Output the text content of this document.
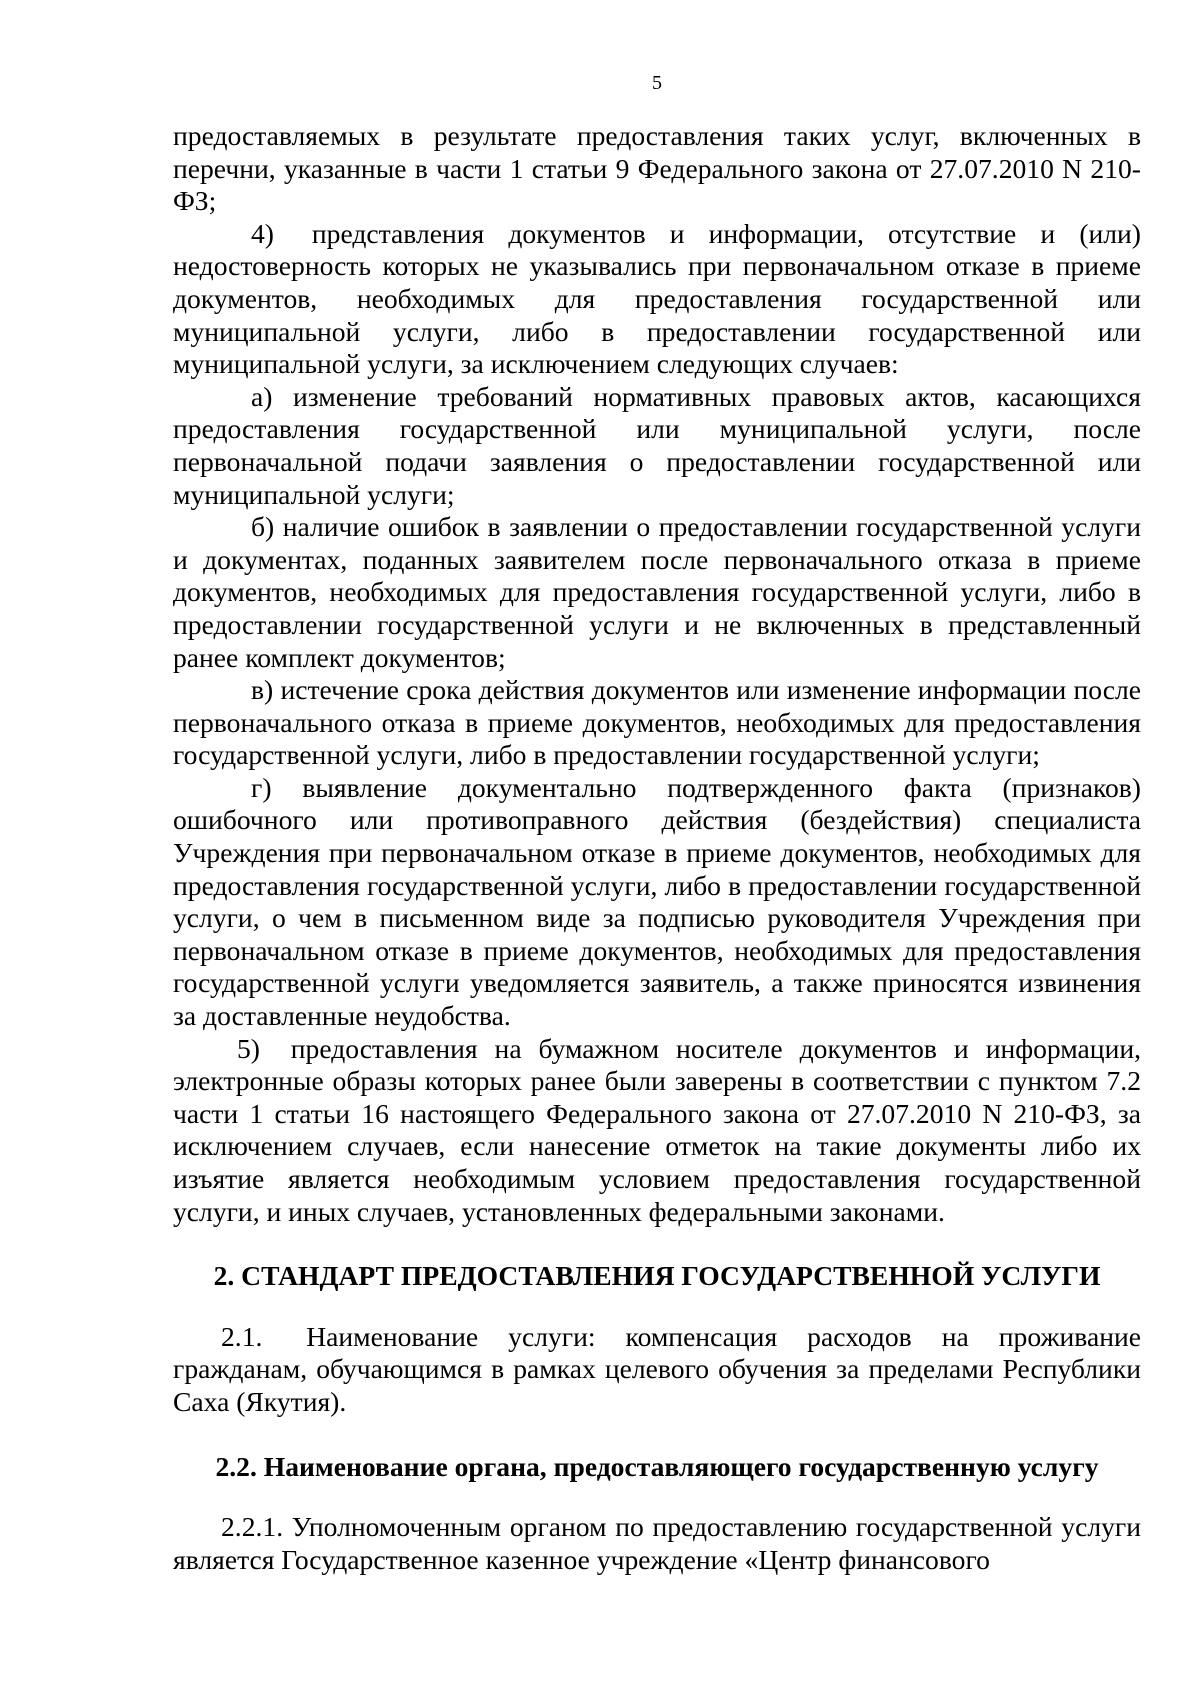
5

предоставляемых в результате предоставления таких услуг, включенных в перечни, указанные в части 1 статьи 9 Федерального закона от 27.07.2010 N 210-ФЗ;

4)  представления документов и информации, отсутствие и (или) недостоверность которых не указывались при первоначальном отказе в приеме документов, необходимых для предоставления государственной или муниципальной услуги, либо в предоставлении государственной или муниципальной услуги, за исключением следующих случаев:

а) изменение требований нормативных правовых актов, касающихся предоставления государственной или муниципальной услуги, после первоначальной подачи заявления о предоставлении государственной или муниципальной услуги;

б) наличие ошибок в заявлении о предоставлении государственной услуги и документах, поданных заявителем после первоначального отказа в приеме документов, необходимых для предоставления государственной услуги, либо в предоставлении государственной услуги и не включенных в представленный ранее комплект документов;

в) истечение срока действия документов или изменение информации после первоначального отказа в приеме документов, необходимых для предоставления государственной услуги, либо в предоставлении государственной услуги;

г) выявление документально подтвержденного факта (признаков) ошибочного или противоправного действия (бездействия) специалиста Учреждения при первоначальном отказе в приеме документов, необходимых для предоставления государственной услуги, либо в предоставлении государственной услуги, о чем в письменном виде за подписью руководителя Учреждения при первоначальном отказе в приеме документов, необходимых для предоставления государственной услуги уведомляется заявитель, а также приносятся извинения за доставленные неудобства.

5)  предоставления на бумажном носителе документов и информации, электронные образы которых ранее были заверены в соответствии с пунктом 7.2 части 1 статьи 16 настоящего Федерального закона от 27.07.2010 N 210-ФЗ, за исключением случаев, если нанесение отметок на такие документы либо их изъятие является необходимым условием предоставления государственной услуги, и иных случаев, установленных федеральными законами.

2. СТАНДАРТ ПРЕДОСТАВЛЕНИЯ ГОСУДАРСТВЕННОЙ УСЛУГИ

2.1.  Наименование услуги: компенсация расходов на проживание гражданам, обучающимся в рамках целевого обучения за пределами Республики Саха (Якутия).

2.2. Наименование органа, предоставляющего государственную услугу

2.2.1. Уполномоченным органом по предоставлению государственной услуги является Государственное казенное учреждение «Центр финансового
